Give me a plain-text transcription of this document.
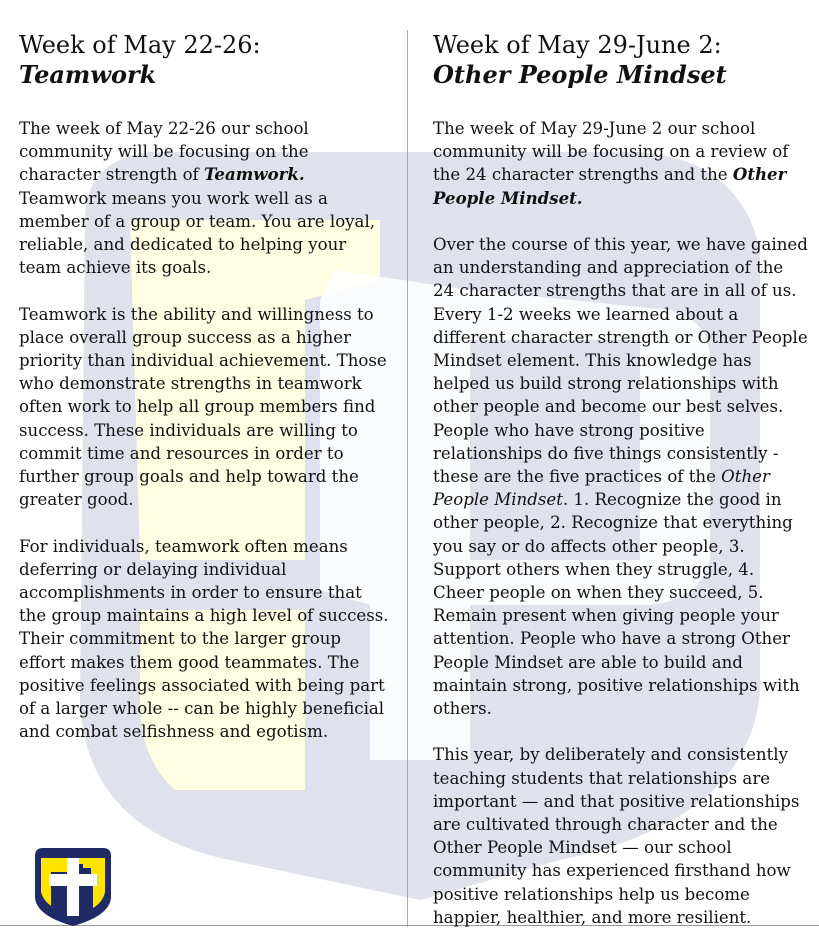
Week of May 22-26:
Teamwork

The week of May 22-26 our school community will be focusing on the character strength of Teamwork. Teamwork means you work well as a member of a group or team. You are loyal, reliable, and dedicated to helping your team achieve its goals.

Teamwork is the ability and willingness to place overall group success as a higher priority than individual achievement. Those who demonstrate strengths in teamwork often work to help all group members find success. These individuals are willing to commit time and resources in order to further group goals and help toward the greater good.

For individuals, teamwork often means deferring or delaying individual accomplishments in order to ensure that the group maintains a high level of success. Their commitment to the larger group effort makes them good teammates. The positive feelings associated with being part of a larger whole -- can be highly beneficial and combat selfishness and egotism.

Week of May 29-June 2:
Other People Mindset

The week of May 29-June 2 our school community will be focusing on a review of the 24 character strengths and the Other People Mindset.

Over the course of this year, we have gained an understanding and appreciation of the 24 character strengths that are in all of us. Every 1-2 weeks we learned about a different character strength or Other People Mindset element. This knowledge has helped us build strong relationships with other people and become our best selves. People who have strong positive relationships do five things consistently - these are the five practices of the Other People Mindset. 1. Recognize the good in other people, 2. Recognize that everything you say or do affects other people, 3. Support others when they struggle, 4. Cheer people on when they succeed, 5. Remain present when giving people your attention. People who have a strong Other People Mindset are able to build and maintain strong, positive relationships with others.

This year, by deliberately and consistently teaching students that relationships are important — and that positive relationships are cultivated through character and the Other People Mindset — our school community has experienced firsthand how positive relationships help us become happier, healthier, and more resilient.
